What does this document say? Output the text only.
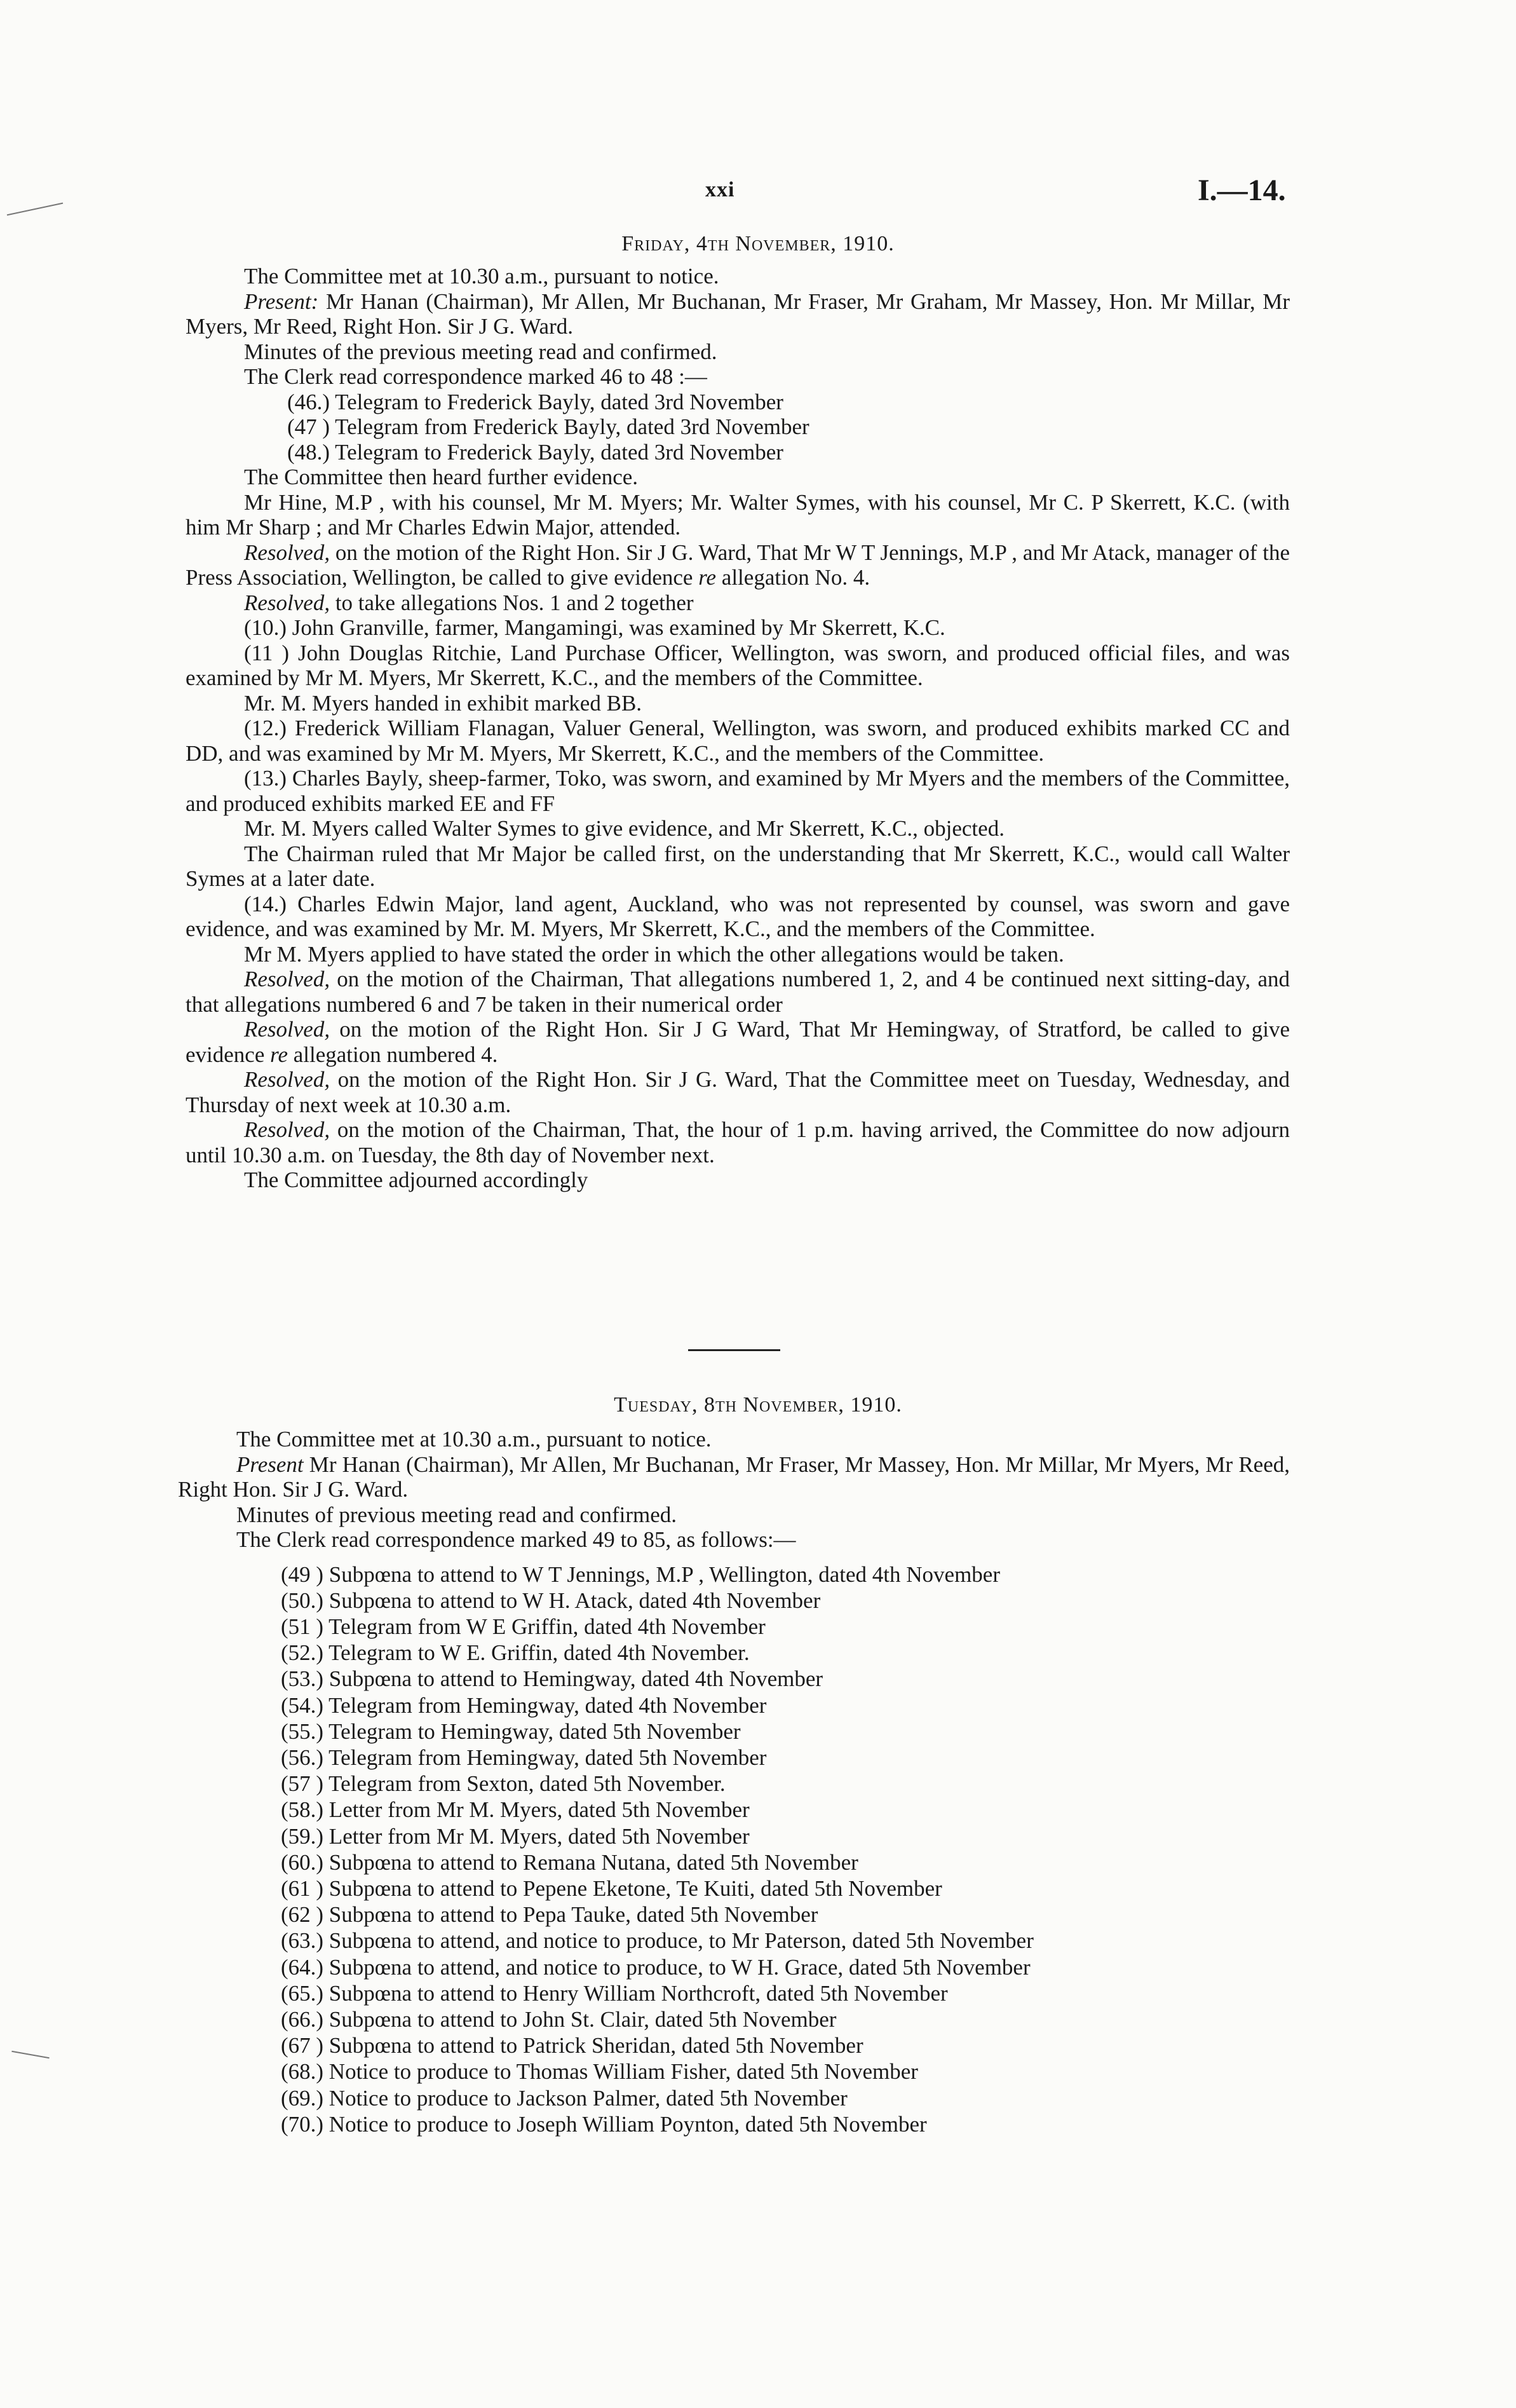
xxi	I.—14.
Friday, 4th November, 1910.

The Committee met at 10.30 a.m., pursuant to notice.

Present: Mr Hanan (Chairman), Mr Allen, Mr Buchanan, Mr Fraser, Mr Graham, Mr Massey, Hon. Mr Millar, Mr Myers, Mr Reed, Right Hon. Sir J G. Ward.

Minutes of the previous meeting read and confirmed.

The Clerk read correspondence marked 46 to 48 :—

(46.) Telegram to Frederick Bayly, dated 3rd November
(47 ) Telegram from Frederick Bayly, dated 3rd November
(48.) Telegram to Frederick Bayly, dated 3rd November

The Committee then heard further evidence.

Mr Hine, M.P , with his counsel, Mr M. Myers; Mr. Walter Symes, with his counsel, Mr C. P Skerrett, K.C. (with him Mr Sharp ; and Mr Charles Edwin Major, attended.

Resolved, on the motion of the Right Hon. Sir J G. Ward, That Mr W T Jennings, M.P , and Mr Atack, manager of the Press Association, Wellington, be called to give evidence re allegation No. 4.

Resolved, to take allegations Nos. 1 and 2 together

(10.) John Granville, farmer, Mangamingi, was examined by Mr Skerrett, K.C.

(11 ) John Douglas Ritchie, Land Purchase Officer, Wellington, was sworn, and produced official files, and was examined by Mr M. Myers, Mr Skerrett, K.C., and the members of the Committee.

Mr. M. Myers handed in exhibit marked BB.

(12.) Frederick William Flanagan, Valuer General, Wellington, was sworn, and produced exhibits marked CC and DD, and was examined by Mr M. Myers, Mr Skerrett, K.C., and the members of the Committee.

(13.) Charles Bayly, sheep-farmer, Toko, was sworn, and examined by Mr Myers and the members of the Committee, and produced exhibits marked EE and FF

Mr. M. Myers called Walter Symes to give evidence, and Mr Skerrett, K.C., objected.

The Chairman ruled that Mr Major be called first, on the understanding that Mr Skerrett, K.C., would call Walter Symes at a later date.

(14.) Charles Edwin Major, land agent, Auckland, who was not represented by counsel, was sworn and gave evidence, and was examined by Mr. M. Myers, Mr Skerrett, K.C., and the members of the Committee.

Mr M. Myers applied to have stated the order in which the other allegations would be taken.

Resolved, on the motion of the Chairman, That allegations numbered 1, 2, and 4 be continued next sitting-day, and that allegations numbered 6 and 7 be taken in their numerical order

Resolved, on the motion of the Right Hon. Sir J G Ward, That Mr Hemingway, of Stratford, be called to give evidence re allegation numbered 4.

Resolved, on the motion of the Right Hon. Sir J G. Ward, That the Committee meet on Tuesday, Wednesday, and Thursday of next week at 10.30 a.m.

Resolved, on the motion of the Chairman, That, the hour of 1 p.m. having arrived, the Committee do now adjourn until 10.30 a.m. on Tuesday, the 8th day of November next.

The Committee adjourned accordingly

Tuesday, 8th November, 1910.

The Committee met at 10.30 a.m., pursuant to notice.

Present Mr Hanan (Chairman), Mr Allen, Mr Buchanan, Mr Fraser, Mr Massey, Hon. Mr Millar, Mr Myers, Mr Reed, Right Hon. Sir J G. Ward.

Minutes of previous meeting read and confirmed.

The Clerk read correspondence marked 49 to 85, as follows:—

(49 ) Subpœna to attend to W T Jennings, M.P , Wellington, dated 4th November
(50.) Subpœna to attend to W H. Atack, dated 4th November
(51 ) Telegram from W E Griffin, dated 4th November
(52.) Telegram to W E. Griffin, dated 4th November.
(53.) Subpœna to attend to Hemingway, dated 4th November
(54.) Telegram from Hemingway, dated 4th November
(55.) Telegram to Hemingway, dated 5th November
(56.) Telegram from Hemingway, dated 5th November
(57 ) Telegram from Sexton, dated 5th November.
(58.) Letter from Mr M. Myers, dated 5th November
(59.) Letter from Mr M. Myers, dated 5th November
(60.) Subpœna to attend to Remana Nutana, dated 5th November
(61 ) Subpœna to attend to Pepene Eketone, Te Kuiti, dated 5th November
(62 ) Subpœna to attend to Pepa Tauke, dated 5th November
(63.) Subpœna to attend, and notice to produce, to Mr Paterson, dated 5th November
(64.) Subpœna to attend, and notice to produce, to W H. Grace, dated 5th November
(65.) Subpœna to attend to Henry William Northcroft, dated 5th November
(66.) Subpœna to attend to John St. Clair, dated 5th November
(67 ) Subpœna to attend to Patrick Sheridan, dated 5th November
(68.) Notice to produce to Thomas William Fisher, dated 5th November
(69.) Notice to produce to Jackson Palmer, dated 5th November
(70.) Notice to produce to Joseph William Poynton, dated 5th November
